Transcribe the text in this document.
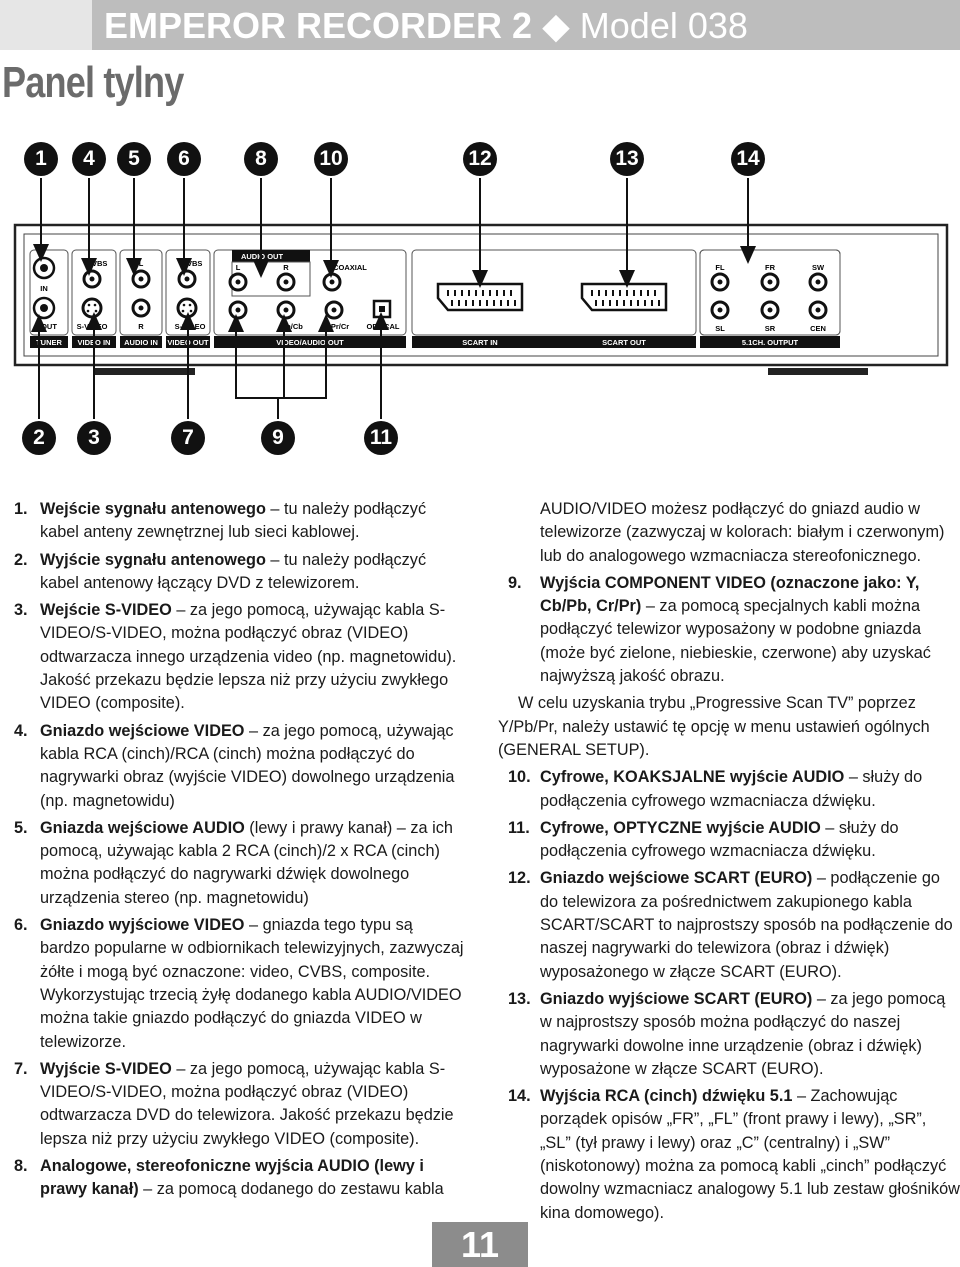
EMPEROR RECORDER 2 ◆ Model 038
Panel tylny
1	4	5	6	8	10	12	13	14
2	3	7	9	11
TUNER VIDEO IN AUDIO IN VIDEO OUT	VIDEO/AUDIO OUT	SCART IN	SCART OUT	5.1CH. OUTPUT
AUDIO OUT
IN
OUT
CVBS
S-VIDEO
L
R
CVBS
S-VIDEO
L	R	COAXIAL
Y	Pb/Cb	Pr/Cr OPTICAL
FL	FR	SW
SL	SR	CEN
1. Wejście sygnału antenowego – tu należy podłączyć kabel anteny zewnętrznej lub sieci kablowej.
2. Wyjście sygnału antenowego – tu należy podłączyć kabel antenowy łączący DVD z telewizorem.
3. Wejście S-VIDEO – za jego pomocą, używając kabla S-VIDEO/S-VIDEO, można podłączyć obraz (VIDEO) odtwarzacza innego urządzenia video (np. magnetowidu). Jakość przekazu będzie lepsza niż przy użyciu zwykłego VIDEO (composite).
4. Gniazdo wejściowe VIDEO – za jego pomocą, używając kabla RCA (cinch)/RCA (cinch) można podłączyć do nagrywarki obraz (wyjście VIDEO) dowolnego urządzenia (np. magnetowidu)
5. Gniazda wejściowe AUDIO (lewy i prawy kanał) – za ich pomocą, używając kabla 2 RCA (cinch)/2 x RCA (cinch) można podłączyć do nagrywarki dźwięk dowolnego urządzenia stereo (np. magnetowidu)
6. Gniazdo wyjściowe VIDEO – gniazda tego typu są bardzo popularne w odbiornikach telewizyjnych, zazwyczaj żółte i mogą być oznaczone: video, CVBS, composite. Wykorzystując trzecią żyłę dodanego kabla AUDIO/VIDEO można takie gniazdo podłączyć do gniazda VIDEO w telewizorze.
7. Wyjście S-VIDEO – za jego pomocą, używając kabla S-VIDEO/S-VIDEO, można podłączyć obraz (VIDEO) odtwarzacza DVD do telewizora. Jakość przekazu będzie lepsza niż przy użyciu zwykłego VIDEO (composite).
8. Analogowe, stereofoniczne wyjścia AUDIO (lewy i prawy kanał) – za pomocą dodanego do zestawu kabla
AUDIO/VIDEO możesz podłączyć do gniazd audio w telewizorze (zazwyczaj w kolorach: białym i czerwonym) lub do analogowego wzmacniacza stereofonicznego.
9. Wyjścia COMPONENT VIDEO (oznaczone jako: Y, Cb/Pb, Cr/Pr) – za pomocą specjalnych kabli można podłączyć telewizor wyposażony w podobne gniazda (może być zielone, niebieskie, czerwone) aby uzyskać najwyższą jakość obrazu.
W celu uzyskania trybu „Progressive Scan TV” poprzez Y/Pb/Pr, należy ustawić tę opcję w menu ustawień ogólnych (GENERAL SETUP).
10. Cyfrowe, KOAKSJALNE wyjście AUDIO – służy do podłączenia cyfrowego wzmacniacza dźwięku.
11. Cyfrowe, OPTYCZNE wyjście AUDIO – służy do podłączenia cyfrowego wzmacniacza dźwięku.
12. Gniazdo wejściowe SCART (EURO) – podłączenie go do telewizora za pośrednictwem zakupionego kabla SCART/SCART to najprostszy sposób na podłączenie do naszej nagrywarki do telewizora (obraz i dźwięk) wyposażonego w złącze SCART (EURO).
13. Gniazdo wyjściowe SCART (EURO) – za jego pomocą w najprostszy sposób można podłączyć do naszej nagrywarki dowolne inne urządzenie (obraz i dźwięk) wyposażone w złącze SCART (EURO).
14. Wyjścia RCA (cinch) dźwięku 5.1 – Zachowując porządek opisów „FR”, „FL” (front prawy i lewy), „SR”, „SL” (tył prawy i lewy) oraz „C” (centralny) i „SW” (niskotonowy) można za pomocą kabli „cinch” podłączyć dowolny wzmacniacz analogowy 5.1 lub zestaw głośników kina domowego).
11
